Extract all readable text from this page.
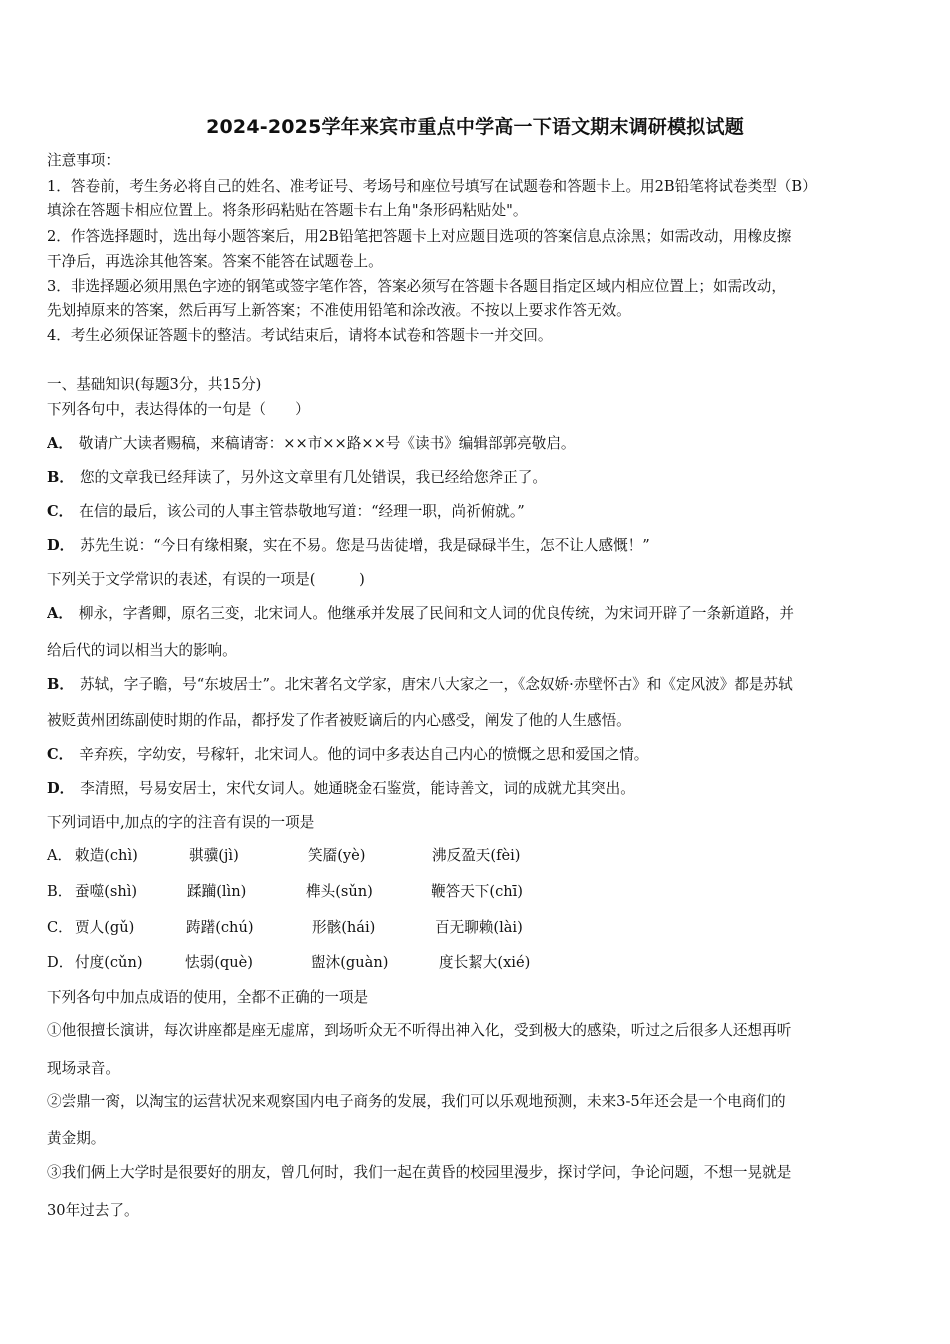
2024-2025学年来宾市重点中学高一下语文期末调研模拟试题
注意事项：
1．答卷前，考生务必将自己的姓名、准考证号、考场号和座位号填写在试题卷和答题卡上。用2B铅笔将试卷类型（B）
填涂在答题卡相应位置上。将条形码粘贴在答题卡右上角"条形码粘贴处"。
2．作答选择题时，选出每小题答案后，用2B铅笔把答题卡上对应题目选项的答案信息点涂黑；如需改动，用橡皮擦
干净后，再选涂其他答案。答案不能答在试题卷上。
3．非选择题必须用黑色字迹的钢笔或签字笔作答，答案必须写在答题卡各题目指定区域内相应位置上；如需改动，
先划掉原来的答案，然后再写上新答案；不准使用铅笔和涂改液。不按以上要求作答无效。
4．考生必须保证答题卡的整洁。考试结束后，请将本试卷和答题卡一并交回。
一、基础知识(每题3分，共15分)
下列各句中，表达得体的一句是（　　）
A． 敬请广大读者赐稿，来稿请寄：××市××路××号《读书》编辑部郭亮敬启。
B． 您的文章我已经拜读了，另外这文章里有几处错误，我已经给您斧正了。
C． 在信的最后，该公司的人事主管恭敬地写道：“经理一职，尚祈俯就。”
D． 苏先生说：“今日有缘相聚，实在不易。您是马齿徒增，我是碌碌半生，怎不让人感慨！”
下列关于文学常识的表述，有误的一项是(　　　)
A． 柳永，字耆卿，原名三变，北宋词人。他继承并发展了民间和文人词的优良传统，为宋词开辟了一条新道路，并
给后代的词以相当大的影响。
B． 苏轼，字子瞻，号“东坡居士”。北宋著名文学家，唐宋八大家之一，《念奴娇·赤壁怀古》和《定风波》都是苏轼
被贬黄州团练副使时期的作品，都抒发了作者被贬谪后的内心感受，阐发了他的人生感悟。
C． 辛弃疾，字幼安，号稼轩，北宋词人。他的词中多表达自己内心的愤慨之思和爱国之情。
D． 李清照，号易安居士，宋代女词人。她通晓金石鉴赏，能诗善文，词的成就尤其突出。
下列词语中,加点的字的注音有误的一项是
A． 敕造(chì)	骐骥(jì)	笑靥(yè)	沸反盈天(fèi)
B． 蚕噬(shì)	蹂躏(lìn)	榫头(sǔn)	鞭答天下(chī)
C． 贾人(gǔ)	踌躇(chú)	形骸(hái)	百无聊赖(lài)
D． 付度(cǔn)	怯弱(què)	盥沐(guàn)	度长絜大(xié)
下列各句中加点成语的使用，全都不正确的一项是
①他很擅长演讲，每次讲座都是座无虚席，到场听众无不听得出神入化，受到极大的感染，听过之后很多人还想再听
现场录音。
②尝鼎一脔，以淘宝的运营状况来观察国内电子商务的发展，我们可以乐观地预测，未来3-5年还会是一个电商们的
黄金期。
③我们俩上大学时是很要好的朋友，曾几何时，我们一起在黄昏的校园里漫步，探讨学问，争论问题，不想一晃就是
30年过去了。
